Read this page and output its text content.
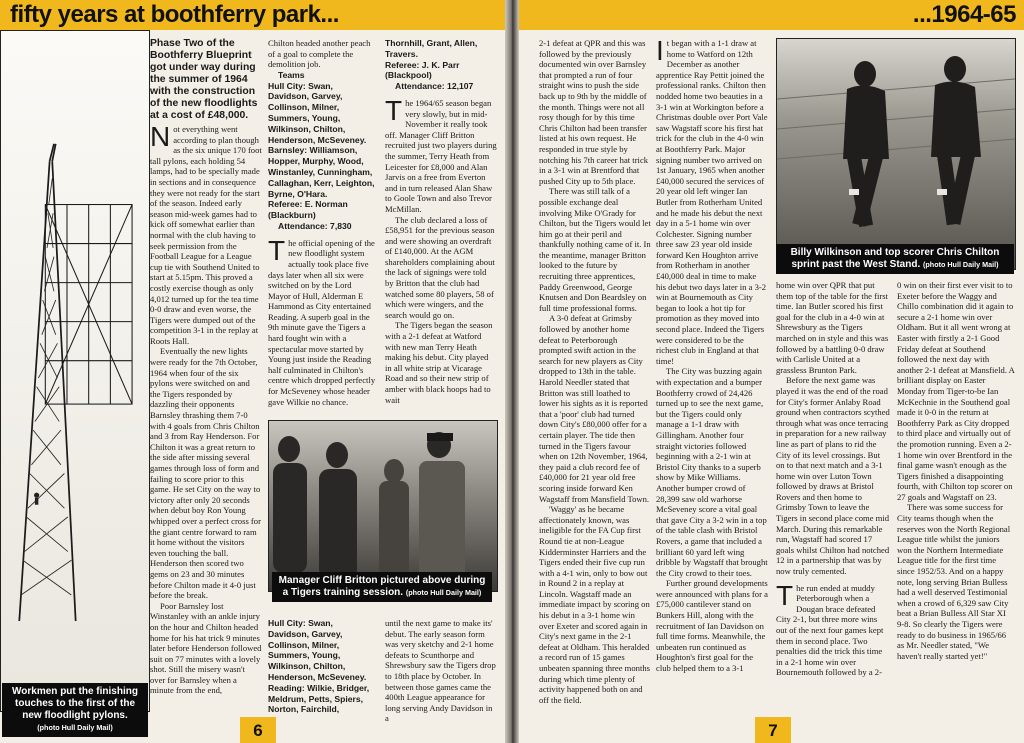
fifty years at boothferry park...
Workmen put the finishing touches to the first of the new floodlight pylons.
(photo Hull Daily Mail)
Phase Two of the Boothferry Blueprint got under way during the summer of 1964 with the construction of the new floodlights at a cost of £48,000.

Not everything went according to plan though as the six unique 170 foot tall pylons, each holding 54 lamps, had to be specially made in sections and in consequence they were not ready for the start of the season. Indeed early season mid-week games had to kick off somewhat earlier than normal with the club having to seek permission from the Football League for a League cup tie with Southend United to start at 5.15pm. This proved a costly exercise though as only 4,012 turned up for the tea time 0-0 draw and even worse, the Tigers were dumped out of the competition 3-1 in the replay at Roots Hall.

Eventually the new lights were ready for the 7th October, 1964 when four of the six pylons were switched on and the Tigers responded by dazzling their opponents Barnsley thrashing them 7-0 with 4 goals from Chris Chilton and 3 from Ray Henderson. For Chilton it was a great return to the side after missing several games through loss of form and failing to score prior to this game. He set City on the way to victory after only 20 seconds when debut boy Ron Young whipped over a perfect cross for the giant centre forward to ram it home without the visitors even touching the ball. Henderson then scored two gems on 23 and 30 minutes before Chilton made it 4-0 just before the break.

Poor Barnsley lost Winstanley with an ankle injury on the hour and Chilton headed home for his hat trick 9 minutes later before Henderson followed suit on 77 minutes with a lovely shot. Still the misery wasn't over for Barnsley when a minute from the end,

Chilton headed another peach of a goal to complete the demolition job.

Teams
Hull City: Swan, Davidson, Garvey, Collinson, Milner, Summers, Young, Wilkinson, Chilton, Henderson, McSeveney.
Barnsley: Williamson, Hopper, Murphy, Wood, Winstanley, Cunningham, Callaghan, Kerr, Leighton, Byrne, O'Hara.
Referee: E. Norman (Blackburn)
Attendance: 7,830

The official opening of the new floodlight system actually took place five days later when all six were switched on by the Lord Mayor of Hull, Alderman E Hammond as City entertained Reading. A superb goal in the 9th minute gave the Tigers a hard fought win with a spectacular move started by Young just inside the Reading half culminated in Chilton's centre which dropped perfectly for McSeveney whose header gave Wilkie no chance.

Thornhill, Grant, Allen, Travers.
Referee: J. K. Parr (Blackpool)
Attendance: 12,107

The 1964/65 season began very slowly, but in mid-November it really took off. Manager Cliff Britton recruited just two players during the summer, Terry Heath from Leicester for £8,000 and Alan Jarvis on a free from Everton and in turn released Alan Shaw to Goole Town and also Trevor McMillan.

The club declared a loss of £58,951 for the previous season and were showing an overdraft of £140,000. At the AGM shareholders complaining about the lack of signings were told by Britton that the club had watched some 80 players, 58 of which were wingers, and the search would go on.

The Tigers began the season with a 2-1 defeat at Watford with new man Terry Heath making his debut. City played in all white strip at Vicarage Road and so their new strip of amber with black hoops had to wait

Manager Cliff Britton pictured above during a Tigers training session. (photo Hull Daily Mail)
Hull City: Swan, Davidson, Garvey, Collinson, Milner, Summers, Young, Wilkinson, Chilton, Henderson, McSeveney.
Reading: Wilkie, Bridger, Meldrum, Petts, Spiers, Norton, Fairchild,

until the next game to make its' debut. The early season form was very sketchy and 2-1 home defeats to Scunthorpe and Shrewsbury saw the Tigers drop to 18th place by October. In between those games came the 400th League appearance for long serving Andy Davidson in a

6
...1964-65

2-1 defeat at QPR and this was followed by the previously documented win over Barnsley that prompted a run of four straight wins to push the side back up to 9th by the middle of the month. Things were not all rosy though for by this time Chris Chilton had been transfer listed at his own request. He responded in true style by notching his 7th career hat trick in a 3-1 win at Brentford that pushed City up to 5th place.

There was still talk of a possible exchange deal involving Mike O'Grady for Chilton, but the Tigers would let him go at their peril and thankfully nothing came of it. In the meantime, manager Britton looked to the future by recruiting three apprentices, Paddy Greenwood, George Knutsen and Don Beardsley on full time professional forms.

A 3-0 defeat at Grimsby followed by another home defeat to Peterborough prompted swift action in the search for new players as City dropped to 13th in the table. Harold Needler stated that Britton was still loathed to lower his sights as it is reported that a 'poor' club had turned down City's £80,000 offer for a certain player. The tide then turned in the Tigers favour when on 12th November, 1964, they paid a club record fee of £40,000 for 21 year old free scoring inside forward Ken Wagstaff from Mansfield Town.

'Waggy' as he became affectionately known, was ineligible for the FA Cup first Round tie at non-League Kidderminster Harriers and the Tigers ended their five cup run with a 4-1 win, only to bow out in Round 2 in a replay at Lincoln. Wagstaff made an immediate impact by scoring on his debut in a 3-1 home win over Exeter and scored again in City's next game in the 2-1 defeat at Oldham. This heralded a record run of 15 games unbeaten spanning three months during which time plenty of activity happened both on and off the field.

It began with a 1-1 draw at home to Watford on 12th December as another apprentice Ray Pettit joined the professional ranks. Chilton then nodded home two beauties in a 3-1 win at Workington before a Christmas double over Port Vale saw Wagstaff score his first hat trick for the club in the 4-0 win at Boothferry Park. Major signing number two arrived on 1st January, 1965 when another £40,000 secured the services of 20 year old left winger Ian Butler from Rotherham United and he made his debut the next day in a 5-1 home win over Colchester. Signing number three saw 23 year old inside forward Ken Houghton arrive from Rotherham in another £40,000 deal in time to make his debut two days later in a 3-2 win at Bournemouth as City began to look a hot tip for promotion as they moved into second place. Indeed the Tigers were considered to be the richest club in England at that time!

The City was buzzing again with expectation and a bumper Boothferry crowd of 24,426 turned up to see the next game, but the Tigers could only manage a 1-1 draw with Gillingham. Another four straight victories followed beginning with a 2-1 win at Bristol City thanks to a superb show by Mike Williams. Another bumper crowd of 28,399 saw old warhorse McSeveney score a vital goal that gave City a 3-2 win in a top of the table clash with Bristol Rovers, a game that included a brilliant 60 yard left wing dribble by Wagstaff that brought the City crowd to their toes.

Further ground developments were announced with plans for a £75,000 cantilever stand on Bunkers Hill, along with the recruitment of Ian Davidson on full time forms. Meanwhile, the unbeaten run continued as Houghton's first goal for the club helped them to a 3-1

Billy Wilkinson and top scorer Chris Chilton sprint past the West Stand. (photo Hull Daily Mail)

home win over QPR that put them top of the table for the first time. Ian Butler scored his first goal for the club in a 4-0 win at Shrewsbury as the Tigers marched on in style and this was followed by a battling 0-0 draw with Carlisle United at a grassless Brunton Park.

Before the next game was played it was the end of the road for City's former Anlaby Road ground when contractors scythed through what was once terracing in preparation for a new railway line as part of plans to rid the City of its level crossings. But on to that next match and a 3-1 home win over Luton Town followed by draws at Bristol Rovers and then home to Grimsby Town to leave the Tigers in second place come mid March. During this remarkable run, Wagstaff had scored 17 goals whilst Chilton had notched 12 in a partnership that was by now truly cemented.

The run ended at muddy Peterborough when a Dougan brace defeated City 2-1, but three more wins out of the next four games kept them in second place. Two penalties did the trick this time in a 2-1 home win over Bournemouth followed by a 2-

0 win on their first ever visit to to Exeter before the Waggy and Chillo combination did it again to secure a 2-1 home win over Oldham. But it all went wrong at Easter with firstly a 2-1 Good Friday defeat at Southend followed the next day with another 2-1 defeat at Mansfield. A brilliant display on Easter Monday from Tiger-to-be Ian McKechnie in the Southend goal made it 0-0 in the return at Boothferry Park as City dropped to third place and virtually out of the promotion running. Even a 2-1 home win over Brentford in the final game wasn't enough as the Tigers finished a disappointing fourth, with Chilton top scorer on 27 goals and Wagstaff on 23.

There was some success for City teams though when the reserves won the North Regional League title whilst the juniors won the Northern Intermediate League title for the first time since 1952/53. And on a happy note, long serving Brian Bulless had a well deserved Testimonial when a crowd of 6,329 saw City beat a Brian Bulless All Star XI 9-8. So clearly the Tigers were ready to do business in 1965/66 as Mr. Needler stated, "We haven't really started yet!"

7
